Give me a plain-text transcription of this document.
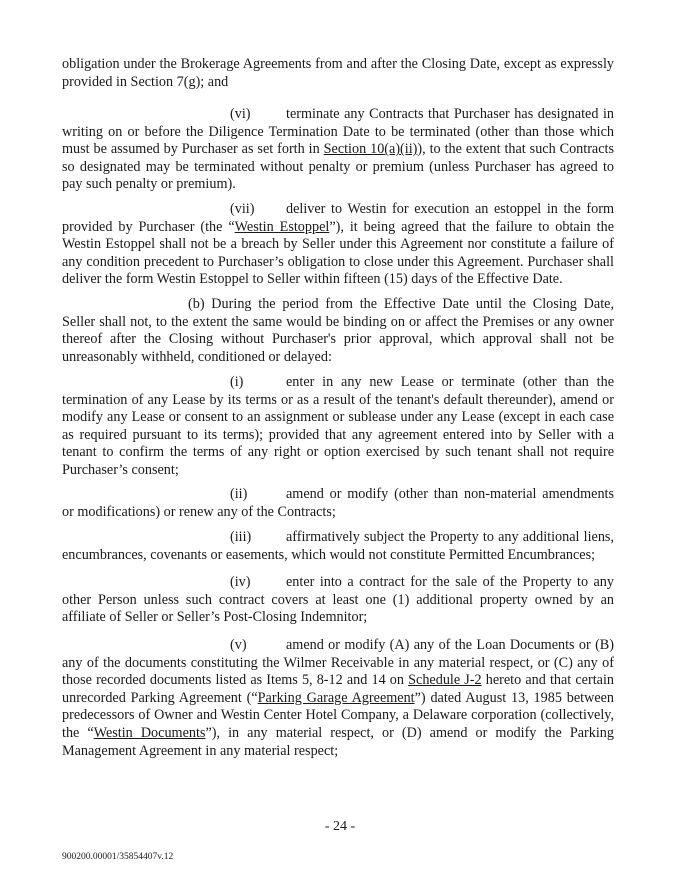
obligation under the Brokerage Agreements from and after the Closing Date, except as expressly provided in Section 7(g); and

(vi)	terminate any Contracts that Purchaser has designated in writing on or before the Diligence Termination Date to be terminated (other than those which must be assumed by Purchaser as set forth in Section 10(a)(ii)), to the extent that such Contracts so designated may be terminated without penalty or premium (unless Purchaser has agreed to pay such penalty or premium).

(vii) deliver to Westin for execution an estoppel in the form provided by Purchaser (the “Westin Estoppel”), it being agreed that the failure to obtain the Westin Estoppel shall not be a breach by Seller under this Agreement nor constitute a failure of any condition precedent to Purchaser’s obligation to close under this Agreement. Purchaser shall deliver the form Westin Estoppel to Seller within fifteen (15) days of the Effective Date.

(b) During the period from the Effective Date until the Closing Date, Seller shall not, to the extent the same would be binding on or affect the Premises or any owner thereof after the Closing without Purchaser's prior approval, which approval shall not be unreasonably withheld, conditioned or delayed:

(i)	enter in any new Lease or terminate (other than the termination of any Lease by its terms or as a result of the tenant's default thereunder), amend or modify any Lease or consent to an assignment or sublease under any Lease (except in each case as required pursuant to its terms); provided that any agreement entered into by Seller with a tenant to confirm the terms of any right or option exercised by such tenant shall not require Purchaser’s consent;

(ii)	amend or modify (other than non-material amendments or modifications) or renew any of the Contracts;

(iii) affirmatively subject the Property to any additional liens, encumbrances, covenants or easements, which would not constitute Permitted Encumbrances;

(iv)	enter into a contract for the sale of the Property to any other Person unless such contract covers at least one (1) additional property owned by an affiliate of Seller or Seller’s Post-Closing Indemnitor;

(v)	amend or modify (A) any of the Loan Documents or (B) any of the documents constituting the Wilmer Receivable in any material respect, or (C) any of those recorded documents listed as Items 5, 8-12 and 14 on Schedule J-2 hereto and that certain unrecorded Parking Agreement (“Parking Garage Agreement”) dated August 13, 1985 between predecessors of Owner and Westin Center Hotel Company, a Delaware corporation (collectively, the “Westin Documents”), in any material respect, or (D) amend or modify the Parking Management Agreement in any material respect;

- 24 -
900200.00001/35854407v.12
